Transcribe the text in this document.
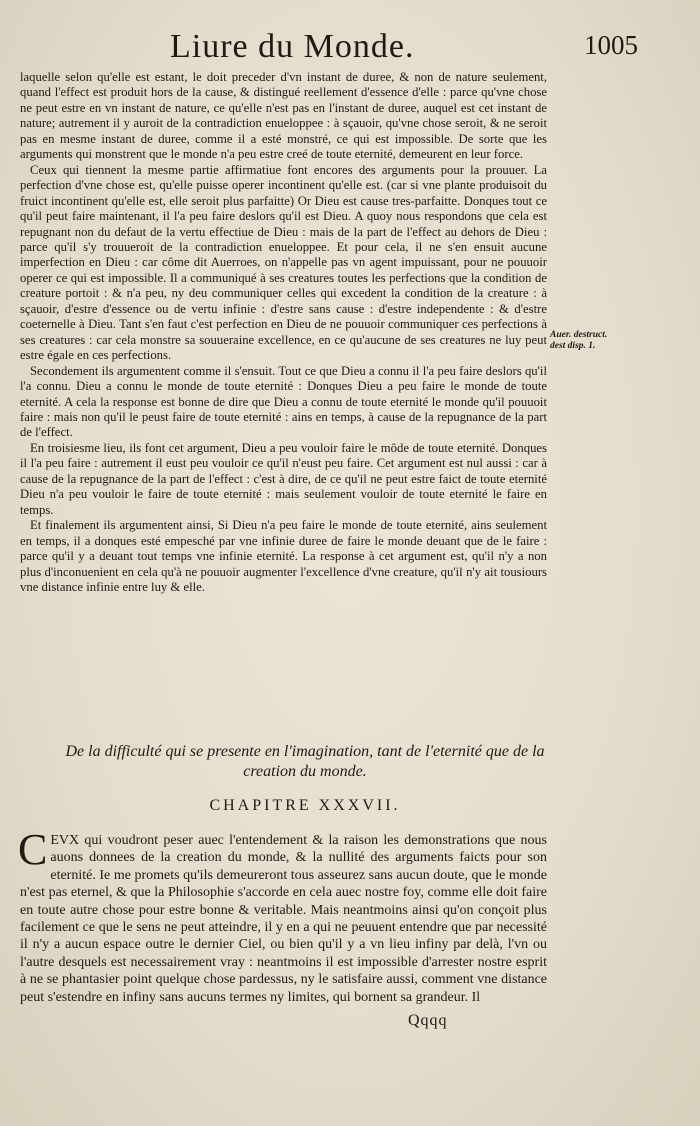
Liure du Monde.	1005

laquelle selon qu'elle est estant, le doit preceder d'vn instant de duree, & non de nature seulement, quand l'effect est produit hors de la cause, & distingué reellement d'essence d'elle : parce qu'vne chose ne peut estre en vn instant de nature, ce qu'elle n'est pas en l'instant de duree, auquel est cet instant de nature; autrement il y auroit de la contradiction enueloppee : à sçauoir, qu'vne chose seroit, & ne seroit pas en mesme instant de duree, comme il a esté monstré, ce qui est impossible. De sorte que les arguments qui monstrent que le monde n'a peu estre creé de toute eternité, demeurent en leur force.

Ceux qui tiennent la mesme partie affirmatiue font encores des arguments pour la prouuer. La perfection d'vne chose est, qu'elle puisse operer incontinent qu'elle est. (car si vne plante produisoit du fruict incontinent qu'elle est, elle seroit plus parfaitte) Or Dieu est cause tres-parfaitte. Donques tout ce qu'il peut faire maintenant, il l'a peu faire deslors qu'il est Dieu. A quoy nous respondons que cela est repugnant non du defaut de la vertu effectiue de Dieu : mais de la part de l'effect au dehors de Dieu : parce qu'il s'y trouueroit de la contradiction enueloppee. Et pour cela, il ne s'en ensuit aucune imperfection en Dieu : car côme dit Auerroes, on n'appelle pas vn agent impuissant, pour ne pouuoir operer ce qui est impossible. Il a communiqué à ses creatures toutes les perfections que la condition de creature portoit : & n'a peu, ny deu communiquer celles qui excedent la condition de la creature : à sçauoir, d'estre d'essence ou de vertu infinie : d'estre sans cause : d'estre independente : & d'estre coeternelle à Dieu. Tant s'en faut c'est perfection en Dieu de ne pouuoir communiquer ces perfections à ses creatures : car cela monstre sa souueraine excellence, en ce qu'aucune de ses creatures ne luy peut estre égale en ces perfections.

Secondement ils argumentent comme il s'ensuit. Tout ce que Dieu a connu il l'a peu faire deslors qu'il l'a connu. Dieu a connu le monde de toute eternité : Donques Dieu a peu faire le monde de toute eternité. A cela la response est bonne de dire que Dieu a connu de toute eternité le monde qu'il pouuoit faire : mais non qu'il le peust faire de toute eternité : ains en temps, à cause de la repugnance de la part de l'effect.

En troisiesme lieu, ils font cet argument, Dieu a peu vouloir faire le môde de toute eternité. Donques il l'a peu faire : autrement il eust peu vouloir ce qu'il n'eust peu faire. Cet argument est nul aussi : car à cause de la repugnance de la part de l'effect : c'est à dire, de ce qu'il ne peut estre faict de toute eternité Dieu n'a peu vouloir le faire de toute eternité : mais seulement vouloir de toute eternité le faire en temps.

Et finalement ils argumentent ainsi, Si Dieu n'a peu faire le monde de toute eternité, ains seulement en temps, il a donques esté empesché par vne infinie duree de faire le monde deuant que de le faire : parce qu'il y a deuant tout temps vne infinie eternité. La response à cet argument est, qu'il n'y a non plus d'inconuenient en cela qu'à ne pouuoir augmenter l'excellence d'vne creature, qu'il n'y ait tousiours vne distance infinie entre luy & elle.

Auer. destruct. dest disp. 1.
De la difficulté qui se presente en l'imagination, tant de l'eternité que de la creation du monde.
CHAPITRE XXXVII.
C EVX qui voudront peser auec l'entendement & la raison les demonstrations que nous auons donnees de la creation du monde, & la nullité des arguments faicts pour son eternité. Ie me promets qu'ils demeureront tous asseurez sans aucun doute, que le monde n'est pas eternel, & que la Philosophie s'accorde en cela auec nostre foy, comme elle doit faire en toute autre chose pour estre bonne & veritable. Mais neantmoins ainsi qu'on conçoit plus facilement ce que le sens ne peut atteindre, il y en a qui ne peuuent entendre que par necessité il n'y a aucun espace outre le dernier Ciel, ou bien qu'il y a vn lieu infiny par delà, l'vn ou l'autre desquels est necessairement vray : neantmoins il est impossible d'arrester nostre esprit à ne se phantasier point quelque chose pardessus, ny le satisfaire aussi, comment vne distance peut s'estendre en infiny sans aucuns termes ny limites, qui bornent sa grandeur. Il
Qqqq
